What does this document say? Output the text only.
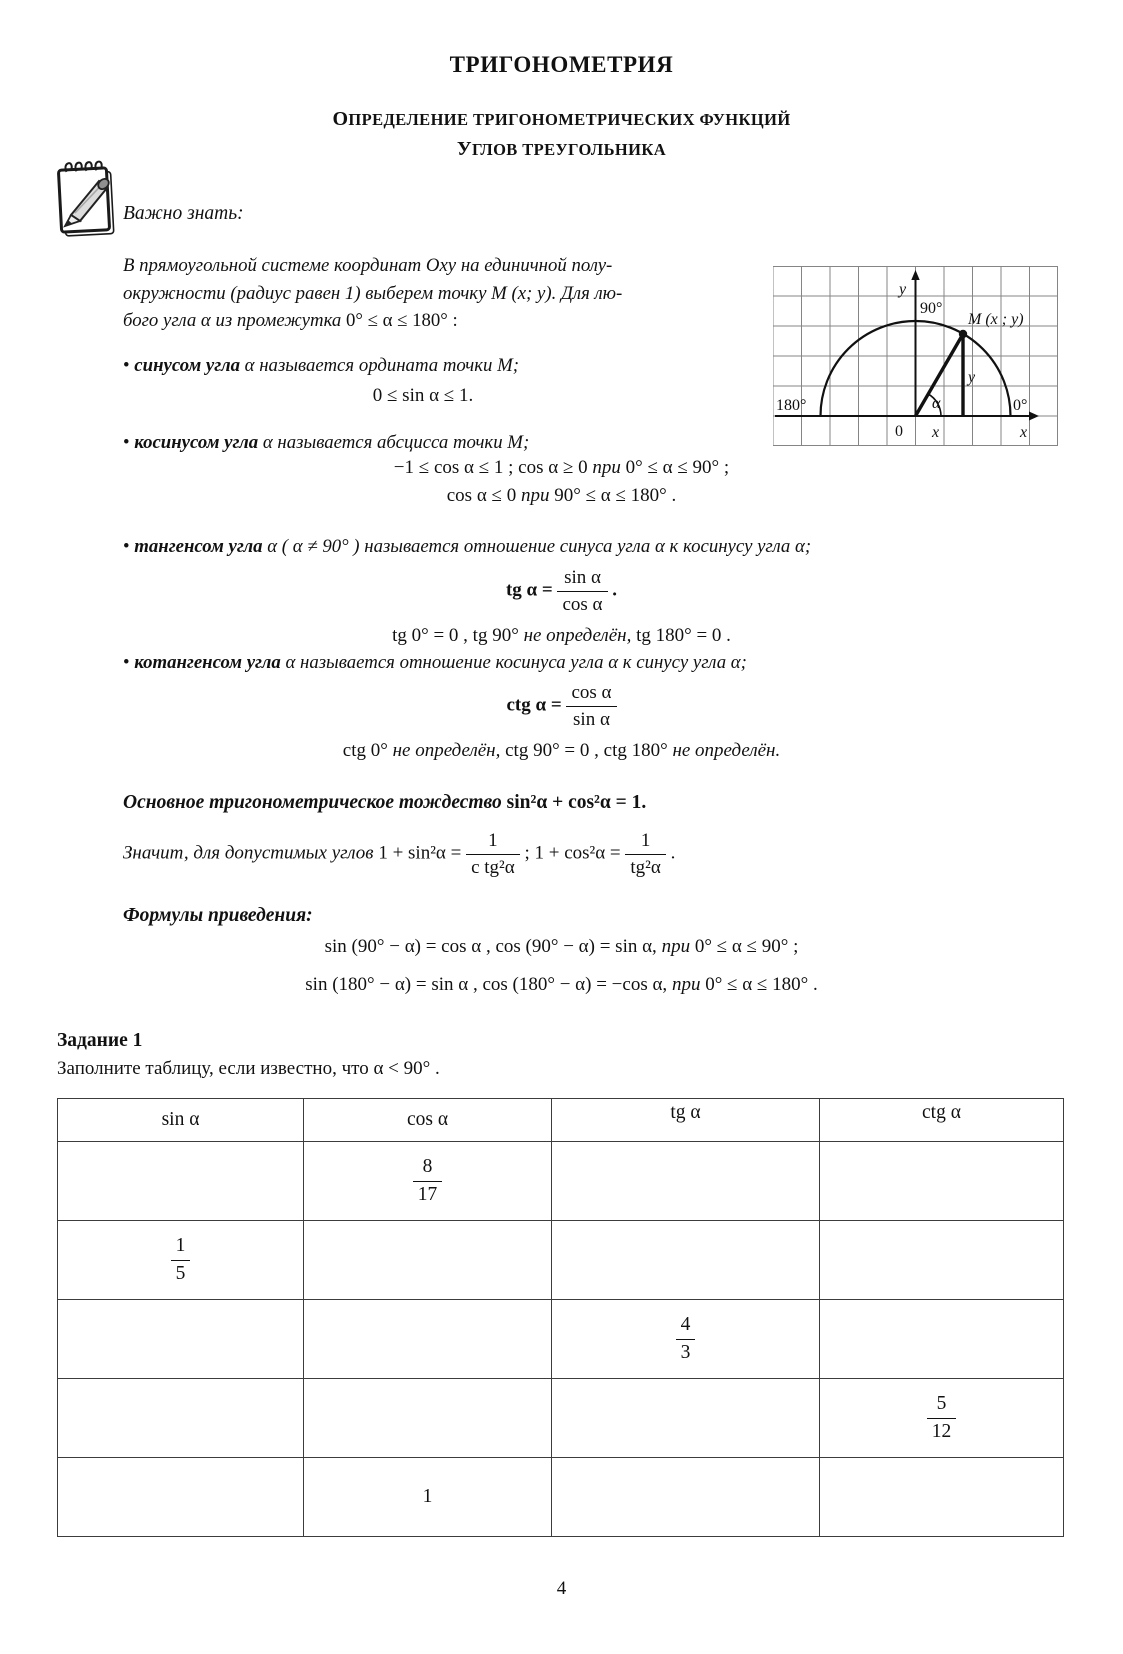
ТРИГОНОМЕТРИЯ
ОПРЕДЕЛЕНИЕ ТРИГОНОМЕТРИЧЕСКИХ ФУНКЦИЙ
УГЛОВ ТРЕУГОЛЬНИКА
Важно знать:
В прямоугольной системе координат Оху на единичной полу-
окружности (радиус равен 1) выберем точку M (x; y). Для лю-
бого угла α из промежутка 0° ≤ α ≤ 180° :
y
90°
M (x ; y)
180°	0°
α
0 x
y
x
• синусом угла α называется ордината точки M;
0 ≤ sin α ≤ 1.
• косинусом угла α называется абсцисса точки M;
−1 ≤ cos α ≤ 1 ; cos α ≥ 0 при 0° ≤ α ≤ 90° ;
cos α ≤ 0 при 90° ≤ α ≤ 180° .
• тангенсом угла α ( α ≠ 90° ) называется отношение синуса угла α к косинусу угла α;
tg $\alpha = \frac{\text{sin α}}{\text{cos α}}$ .
tg 0° = 0 , tg 90° не определён, tg 180° = 0 .
• котангенсом угла α называется отношение косинуса угла α к синусу угла α;
ctg $\alpha = \frac{\text{cos α}}{\text{sin α}}$
ctg 0° не определён, ctg 90° = 0 , ctg 180° не определён.
Основное тригонометрическое тождество sin²α + cos²α = 1.
Значит, для допустимых углов $1 + \sin^2\alpha = \frac{1}{\text{c tg²α}}$ ; $1 + \cos^2\alpha = \frac{1}{\text{tg²α}}$ .
Формулы приведения:
sin (90° − α) = cos α , cos (90° − α) = sin α, при 0° ≤ α ≤ 90° ;
sin (180° − α) = sin α , cos (180° − α) = −cos α, при 0° ≤ α ≤ 180° .
Задание 1
Заполните таблицу, если известно, что α < 90° .
sin α	cos α	tg α	ctg α

	$\frac{8}{17}$

$\frac{1}{5}$

		$\frac{4}{3}$

			$\frac{5}{12}$

	1		
4
